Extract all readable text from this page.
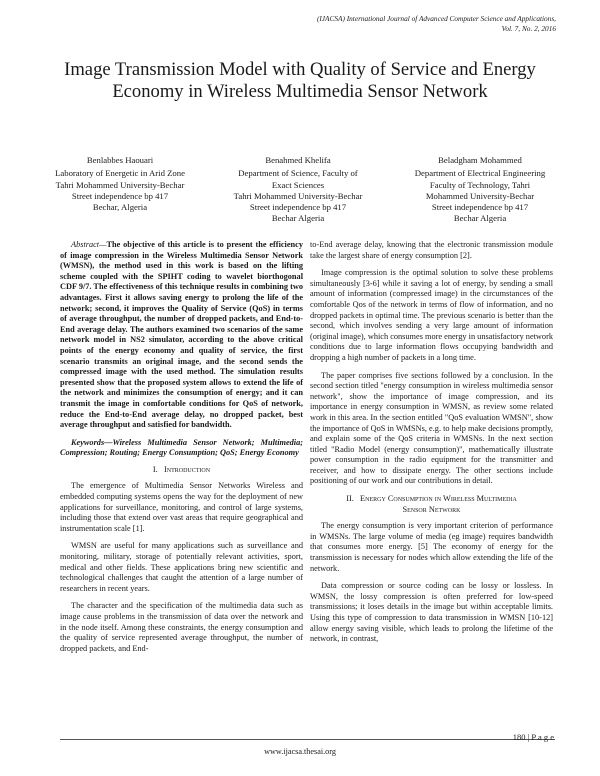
(IJACSA) International Journal of Advanced Computer Science and Applications,
Vol. 7, No. 2, 2016
Image Transmission Model with Quality of Service and Energy Economy in Wireless Multimedia Sensor Network
Benlabbes Haouari
Laboratory of Energetic in Arid Zone
Tahri Mohammed University-Bechar
Street independence bp 417
Bechar, Algeria
Benahmed Khelifa
Department of Science, Faculty of
Exact Sciences
Tahri Mohammed University-Bechar
Street independence bp 417
Bechar Algeria
Beladgham Mohammed
Department of Electrical Engineering
Faculty of Technology, Tahri
Mohammed University-Bechar
Street independence bp 417
Bechar Algeria

Abstract—The objective of this article is to present the efficiency of image compression in the Wireless Multimedia Sensor Network (WMSN), the method used in this work is based on the lifting scheme coupled with the SPIHT coding to wavelet biorthogonal CDF 9/7. The effectiveness of this technique results in combining two advantages. First it allows saving energy to prolong the life of the network; second, it improves the Quality of Service (QoS) in terms of average throughput, the number of dropped packets, and End-to-End average delay. The authors examined two scenarios of the same network model in NS2 simulator, according to the above critical points of the energy economy and quality of service, the first scenario transmits an original image, and the second sends the compressed image with the used method. The simulation results presented show that the proposed system allows to extend the life of the network and minimizes the consumption of energy; and it can transmit the image in comfortable conditions for QoS of network, reduce the End-to-End average delay, no dropped packet, best average throughput and satisfied for bandwidth.

Keywords—Wireless Multimedia Sensor Network; Multimedia; Compression; Routing; Energy Consumption; QoS; Energy Economy

I. Introduction

The emergence of Multimedia Sensor Networks Wireless and embedded computing systems opens the way for the deployment of new applications for surveillance, monitoring, and control of large systems, including those that extend over vast areas that require geographical and instrumentation scale [1].

WMSN are useful for many applications such as surveillance and monitoring, military, storage of potentially relevant activities, sport, medical and other fields. These applications bring new scientific and technological challenges that caught the attention of a large number of researchers in recent years.

The character and the specification of the multimedia data such as image cause problems in the transmission of data over the network and in the node itself. Among these constraints, the energy consumption and the quality of service represented average throughput, the number of dropped packets, and End-

to-End average delay, knowing that the electronic transmission module take the largest share of energy consumption [2].

Image compression is the optimal solution to solve these problems simultaneously [3-6] while it saving a lot of energy, by sending a small amount of information (compressed image) in the circumstances of the comfortable Qos of the network in terms of flow of information, and no dropped packets in optimal time. The previous scenario is better than the second, which involves sending a very large amount of information (original image), which consumes more energy in unsatisfactory network conditions due to large information flows occupying bandwidth and dropping a high number of packets in a long time.

The paper comprises five sections followed by a conclusion. In the second section titled "energy consumption in wireless multimedia sensor network", show the importance of image compression, and its importance in energy consumption in WMSN, as review some related work in this area. In the section entitled "QoS evaluation WMSN", show the importance of QoS in WMSNs, e.g. to help make decisions promptly, and explain some of the QoS criteria in WMSNs. In the next section titled "Radio Model (energy consumption)", mathematically illustrate power consumption in the radio equipment for the transmitter and receiver, and how to dissipate energy. The other sections include positioning of our work and our contributions in detail.

II. Energy Consumption in Wireless Multimedia
Sensor Network

The energy consumption is very important criterion of performance in WMSNs. The large volume of media (eg image) requires bandwidth that consumes more energy. [5] The economy of energy for the transmission is necessary for nodes which allow extending the life of the network.

Data compression or source coding can be lossy or lossless. In WMSN, the lossy compression is often preferred for low-speed transmissions; it loses details in the image but within acceptable limits. Using this type of compression to data transmission in WMSN [10-12] allow energy saving visible, which leads to prolong the lifetime of the network, in contrast,

180 | P a g e
www.ijacsa.thesai.org
